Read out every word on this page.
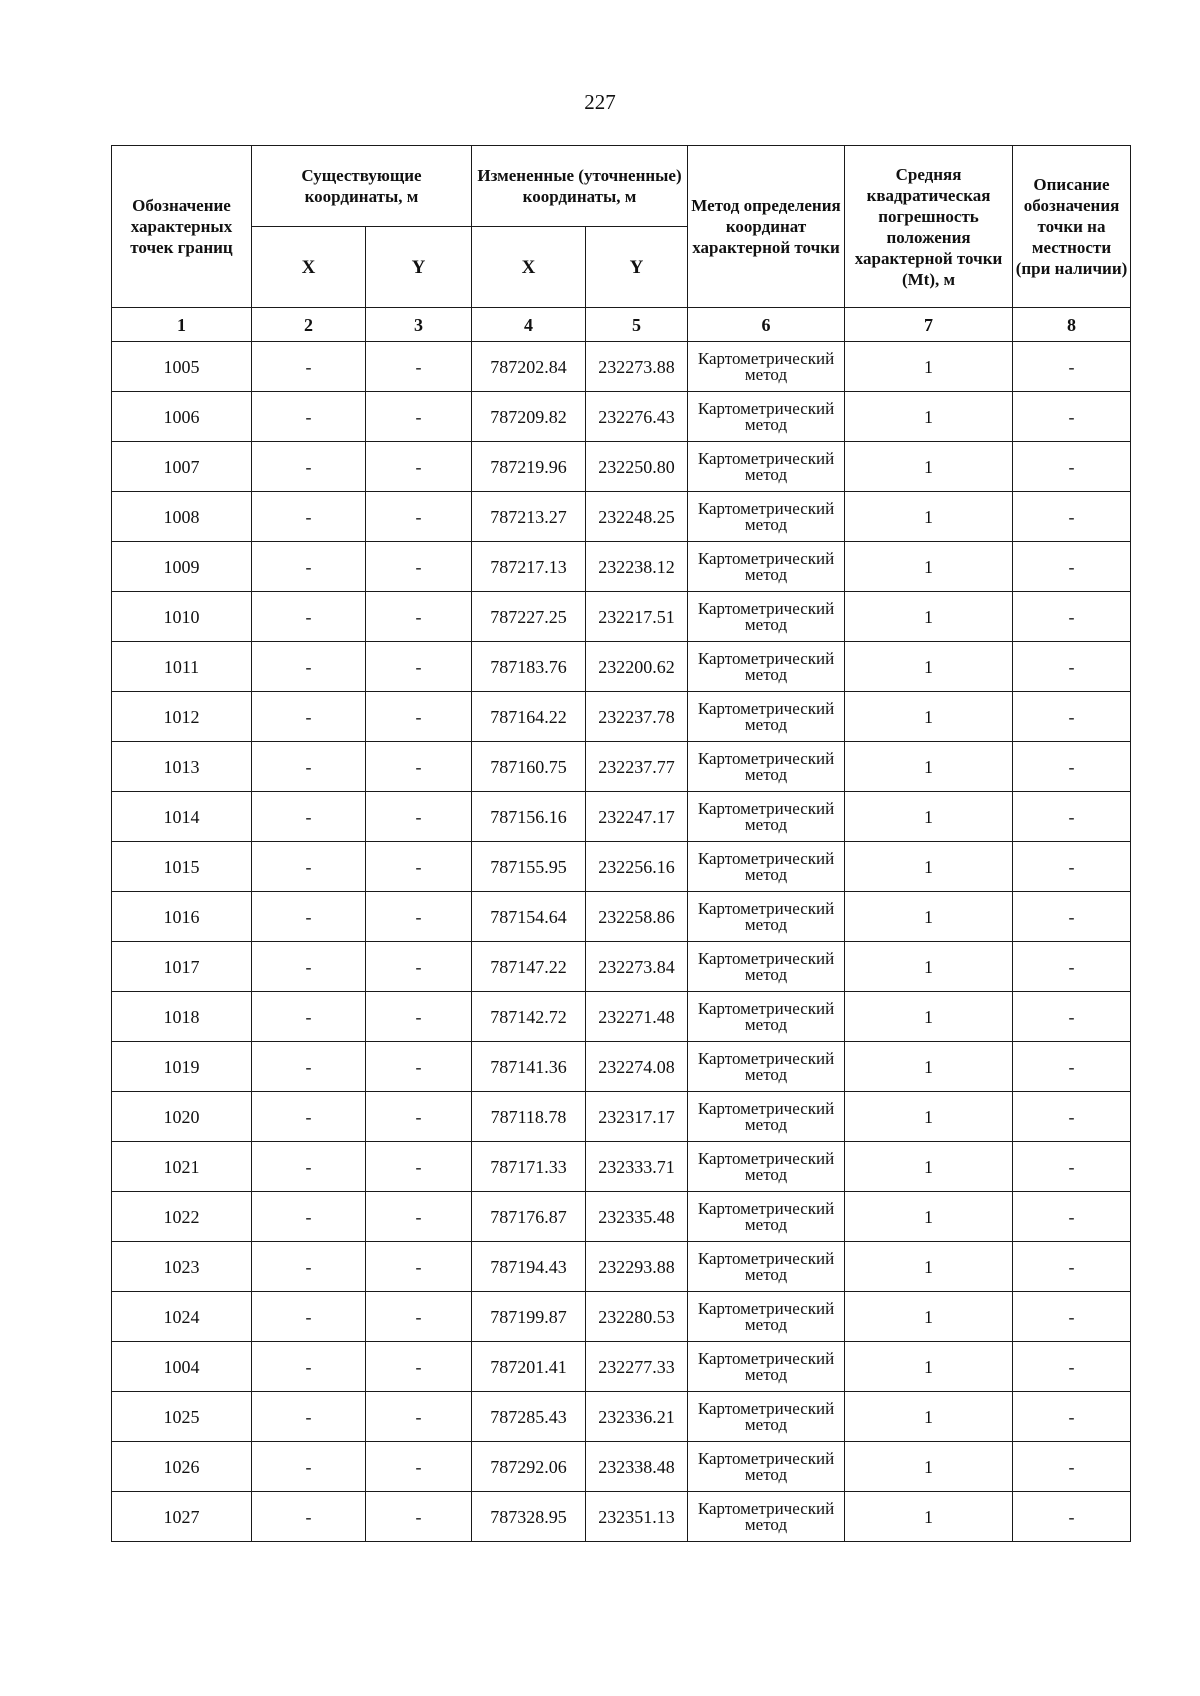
227
Обозначение характерных точек границ	Существующие координаты, м		Измененные (уточненные) координаты, м		Метод определения координат характерной точки	Средняя квадратическая погрешность положения характерной точки (Mt), м	Описание обозначения точки на местности (при наличии)
	X	Y	X	Y			
1	2	3	4	5	6	7	8
1005	-	-	787202.84	232273.88	Картометрический метод	1	-
1006	-	-	787209.82	232276.43	Картометрический метод	1	-
1007	-	-	787219.96	232250.80	Картометрический метод	1	-
1008	-	-	787213.27	232248.25	Картометрический метод	1	-
1009	-	-	787217.13	232238.12	Картометрический метод	1	-
1010	-	-	787227.25	232217.51	Картометрический метод	1	-
1011	-	-	787183.76	232200.62	Картометрический метод	1	-
1012	-	-	787164.22	232237.78	Картометрический метод	1	-
1013	-	-	787160.75	232237.77	Картометрический метод	1	-
1014	-	-	787156.16	232247.17	Картометрический метод	1	-
1015	-	-	787155.95	232256.16	Картометрический метод	1	-
1016	-	-	787154.64	232258.86	Картометрический метод	1	-
1017	-	-	787147.22	232273.84	Картометрический метод	1	-
1018	-	-	787142.72	232271.48	Картометрический метод	1	-
1019	-	-	787141.36	232274.08	Картометрический метод	1	-
1020	-	-	787118.78	232317.17	Картометрический метод	1	-
1021	-	-	787171.33	232333.71	Картометрический метод	1	-
1022	-	-	787176.87	232335.48	Картометрический метод	1	-
1023	-	-	787194.43	232293.88	Картометрический метод	1	-
1024	-	-	787199.87	232280.53	Картометрический метод	1	-
1004	-	-	787201.41	232277.33	Картометрический метод	1	-
1025	-	-	787285.43	232336.21	Картометрический метод	1	-
1026	-	-	787292.06	232338.48	Картометрический метод	1	-
1027	-	-	787328.95	232351.13	Картометрический метод	1	-
